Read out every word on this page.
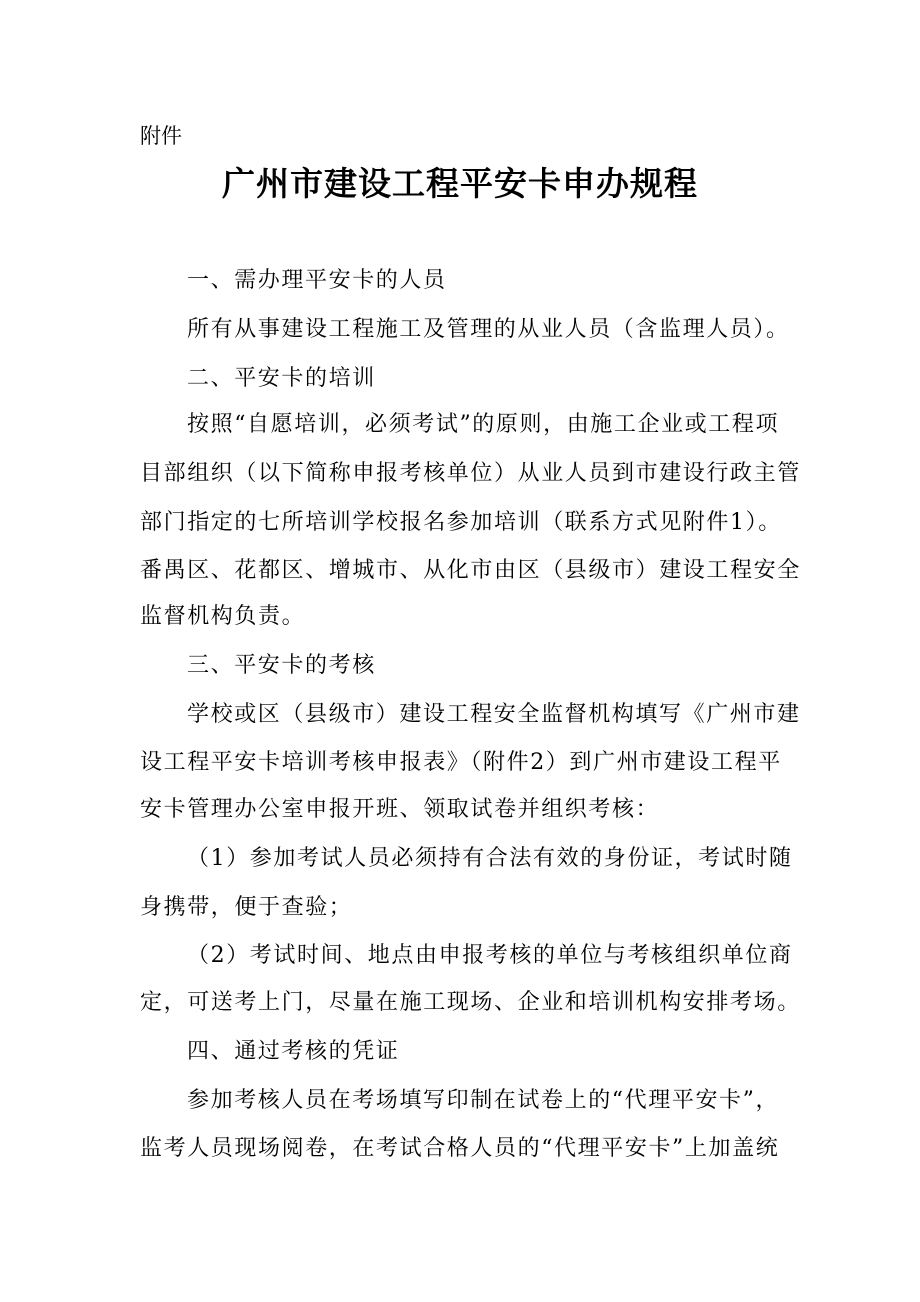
附件
广州市建设工程平安卡申办规程
一、需办理平安卡的人员
所有从事建设工程施工及管理的从业人员（含监理人员）。
二、平安卡的培训
按照“自愿培训，必须考试”的原则，由施工企业或工程项
目部组织（以下简称申报考核单位）从业人员到市建设行政主管
部门指定的七所培训学校报名参加培训（联系方式见附件1）。
番禺区、花都区、增城市、从化市由区（县级市）建设工程安全
监督机构负责。
三、平安卡的考核
学校或区（县级市）建设工程安全监督机构填写《广州市建
设工程平安卡培训考核申报表》（附件2）到广州市建设工程平
安卡管理办公室申报开班、领取试卷并组织考核：
（1）参加考试人员必须持有合法有效的身份证，考试时随
身携带，便于查验；
（2）考试时间、地点由申报考核的单位与考核组织单位商
定，可送考上门，尽量在施工现场、企业和培训机构安排考场。
四、通过考核的凭证
参加考核人员在考场填写印制在试卷上的“代理平安卡”，
监考人员现场阅卷，在考试合格人员的“代理平安卡”上加盖统
